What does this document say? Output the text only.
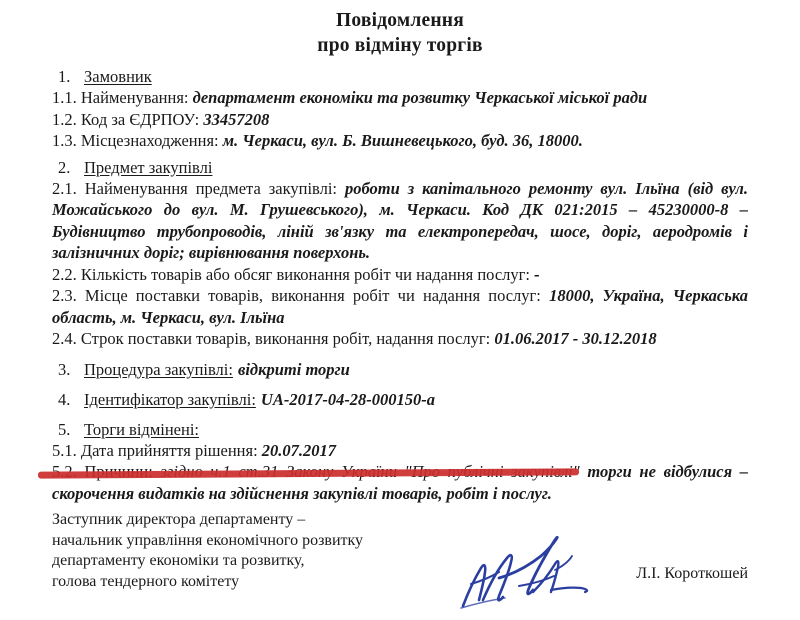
Повідомлення
про відміну торгів
1. Замовник
1.1. Найменування: департамент економіки та розвитку Черкаської міської ради
1.2. Код за ЄДРПОУ: 33457208
1.3. Місцезнаходження: м. Черкаси, вул. Б. Вишневецького, буд. 36, 18000.
2. Предмет закупівлі
2.1. Найменування предмета закупівлі: роботи з капітального ремонту вул. Ільїна (від вул. Можайського до вул. М. Грушевського), м. Черкаси. Код ДК 021:2015 – 45230000-8 – Будівництво трубопроводів, ліній зв'язку та електропередач, шосе, доріг, аеродромів і залізничних доріг; вирівнювання поверхонь.
2.2. Кількість товарів або обсяг виконання робіт чи надання послуг: -
2.3. Місце поставки товарів, виконання робіт чи надання послуг: 18000, Україна, Черкаська область, м. Черкаси, вул. Ільїна
2.4. Строк поставки товарів, виконання робіт, надання послуг: 01.06.2017 - 30.12.2018
3. Процедура закупівлі: відкриті торги
4. Ідентифікатор закупівлі: UA-2017-04-28-000150-а
5. Торги відмінені:
5.1. Дата прийняття рішення: 20.07.2017
торги не відбулися – скорочення видатків на здійснення закупівлі товарів, робіт і послуг.
Заступник директора департаменту –
начальник управління економічного розвитку
департаменту економіки та розвитку,
голова тендерного комітету	Л.І. Короткошей
